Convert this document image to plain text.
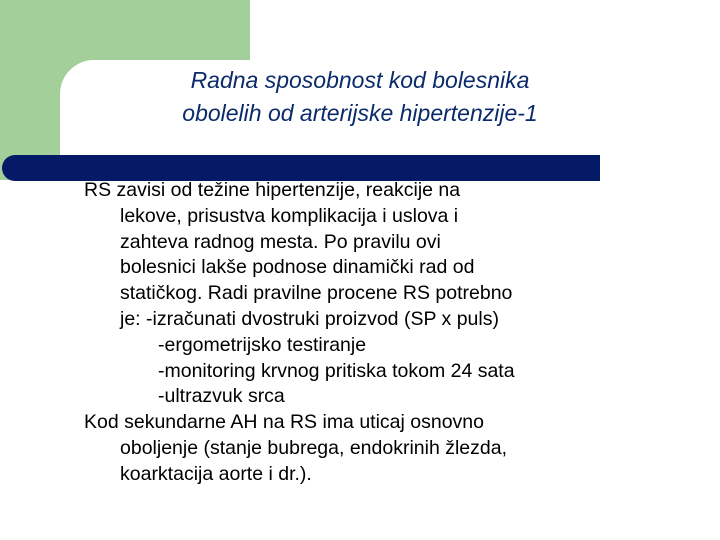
Radna sposobnost kod bolesnika
obolelih od arterijske hipertenzije-1
RS zavisi od težine hipertenzije, reakcije na
lekove, prisustva komplikacija i uslova i
zahteva radnog mesta. Po pravilu ovi
bolesnici lakše podnose dinamički rad od
statičkog. Radi pravilne procene RS potrebno
je: -izračunati dvostruki proizvod (SP x puls)
-ergometrijsko testiranje
-monitoring krvnog pritiska tokom 24 sata
-ultrazvuk srca
Kod sekundarne AH na RS ima uticaj osnovno
oboljenje (stanje bubrega, endokrinih žlezda,
koarktacija aorte i dr.).
